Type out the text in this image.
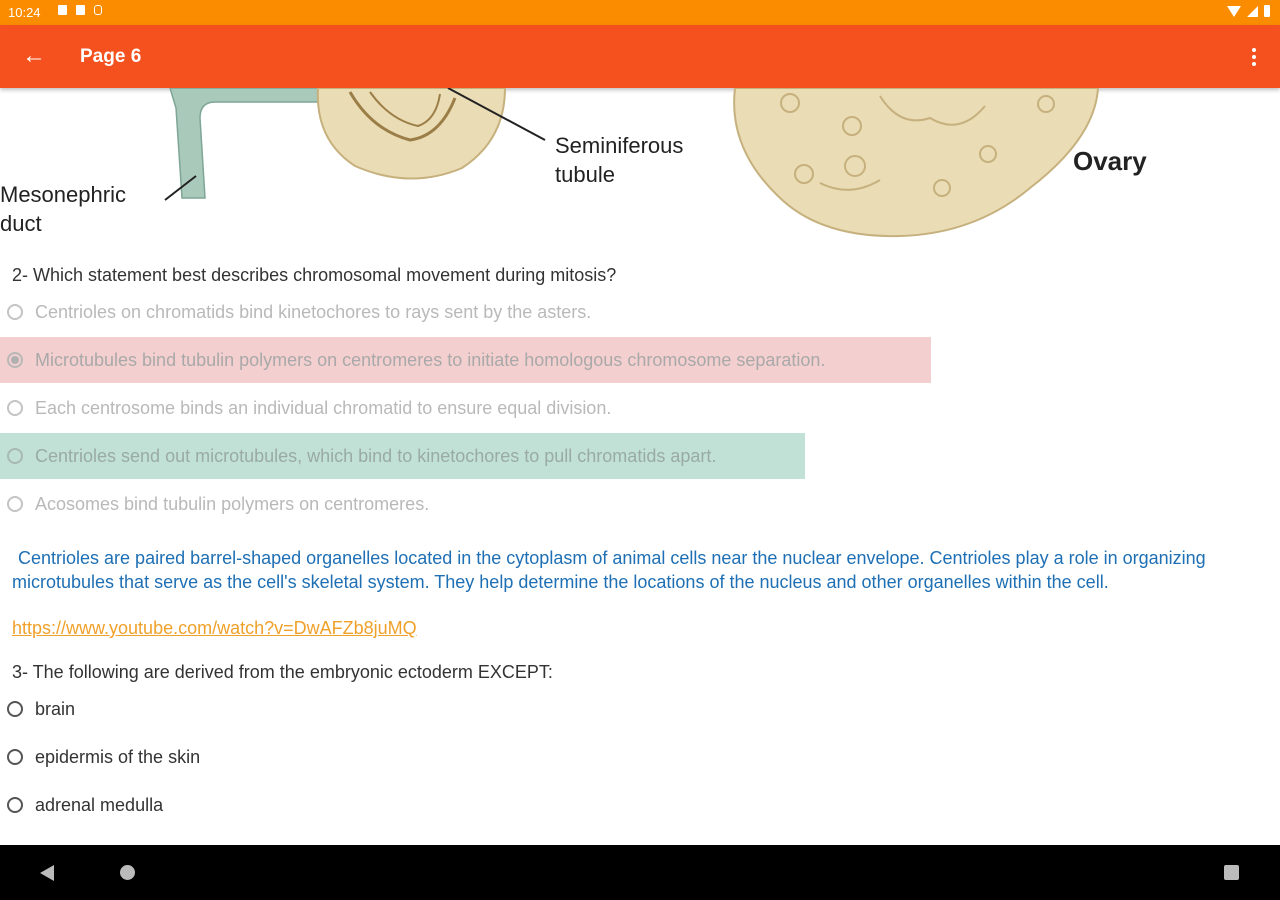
10:24
←	Page 6
Mesonephric
duct
Seminiferous
tubule	Ovary
2- Which statement best describes chromosomal movement during mitosis?
Centrioles on chromatids bind kinetochores to rays sent by the asters.
Microtubules bind tubulin polymers on centromeres to initiate homologous chromosome separation.
Each centrosome binds an individual chromatid to ensure equal division.
Centrioles send out microtubules, which bind to kinetochores to pull chromatids apart.
Acosomes bind tubulin polymers on centromeres.
Centrioles are paired barrel-shaped organelles located in the cytoplasm of animal cells near the nuclear envelope. Centrioles play a role in organizing microtubules that serve as the cell's skeletal system. They help determine the locations of the nucleus and other organelles within the cell.
https://www.youtube.com/watch?v=DwAFZb8juMQ
3- The following are derived from the embryonic ectoderm EXCEPT:
brain
epidermis of the skin
adrenal medulla
